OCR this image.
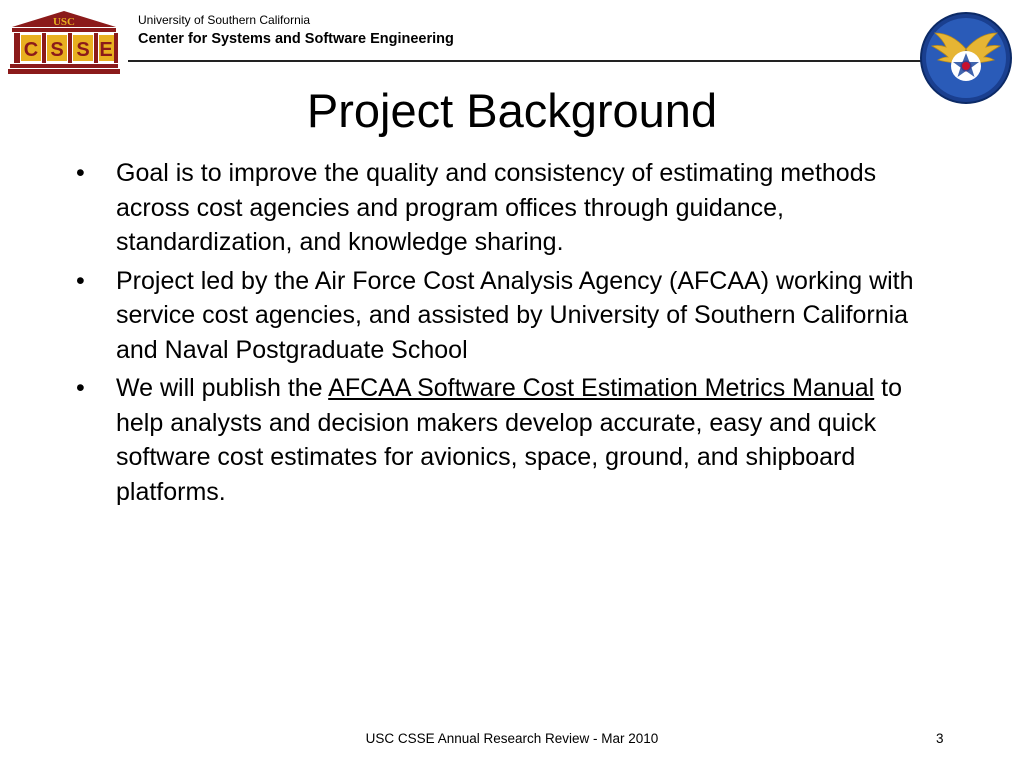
USC
C S S E
University of Southern California
Center for Systems and Software Engineering
Project Background
•	Goal is to improve the quality and consistency of estimating methods across cost agencies and program offices through guidance, standardization, and knowledge sharing.
•	Project led by the Air Force Cost Analysis Agency (AFCAA) working with service cost agencies, and assisted by University of Southern California and Naval Postgraduate School
•	We will publish the AFCAA Software Cost Estimation Metrics Manual to help analysts and decision makers develop accurate, easy and quick software cost estimates for avionics, space, ground, and shipboard platforms.
USC CSSE Annual Research Review - Mar 2010	3
